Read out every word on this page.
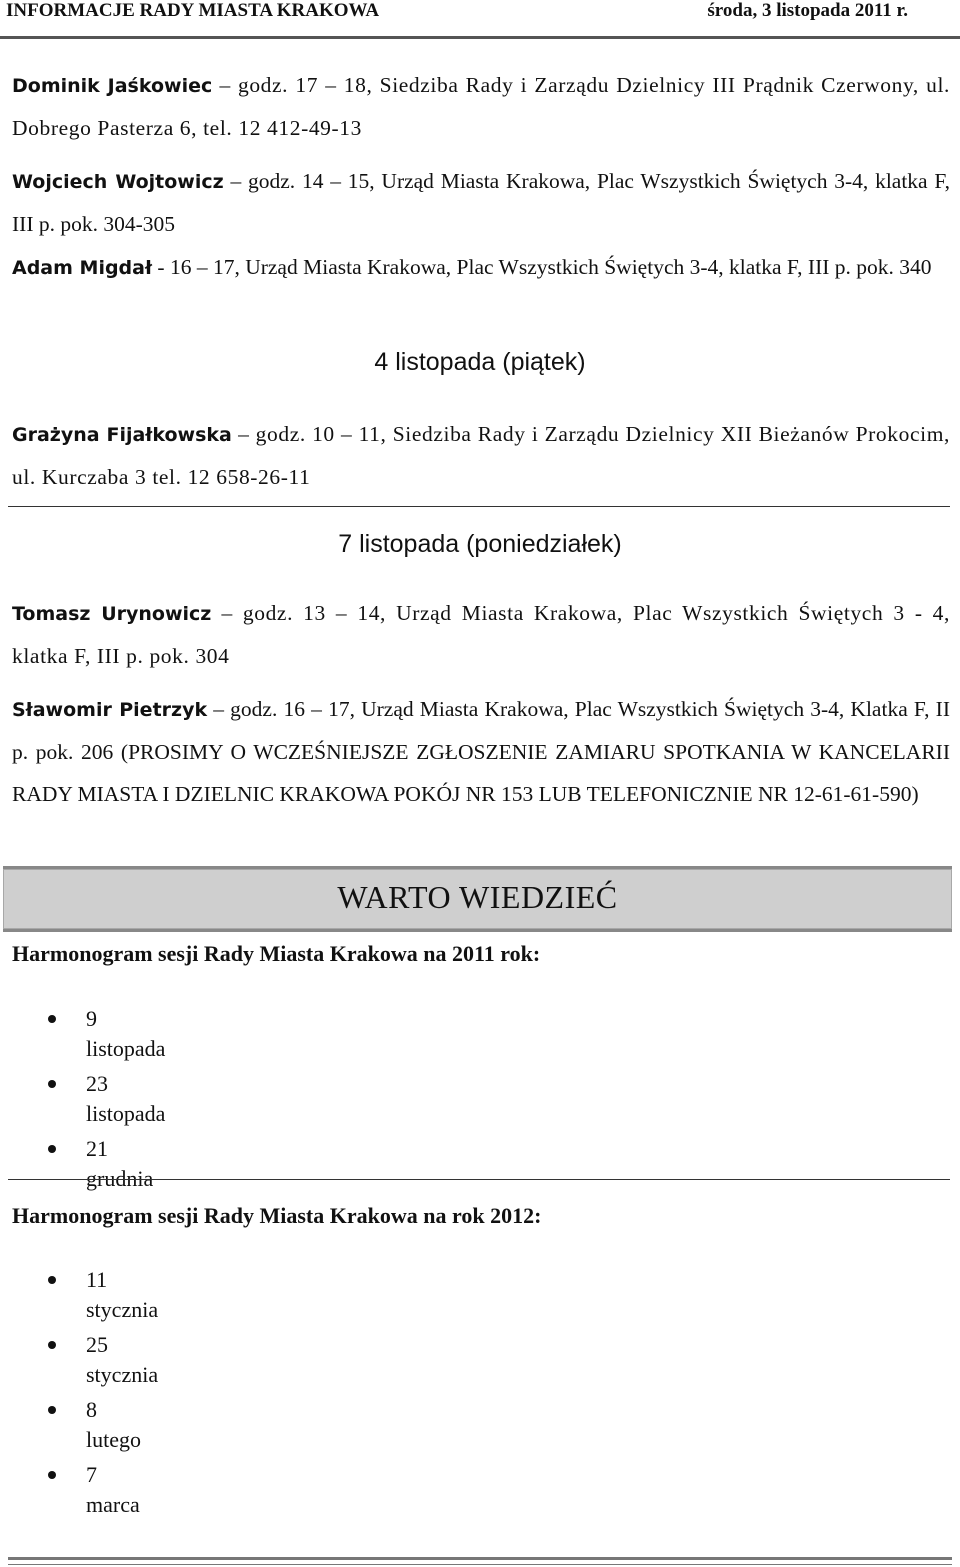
INFORMACJE RADY MIASTA KRAKOWA	środa, 3 listopada 2011 r.
Dominik Jaśkowiec – godz. 17 – 18, Siedziba Rady i Zarządu Dzielnicy III Prądnik Czerwony, ul. Dobrego Pasterza 6, tel. 12 412-49-13
Wojciech Wojtowicz – godz. 14 – 15, Urząd Miasta Krakowa, Plac Wszystkich Świętych 3-4, klatka F, III p. pok. 304-305
Adam Migdał - 16 – 17, Urząd Miasta Krakowa, Plac Wszystkich Świętych 3-4, klatka F, III p. pok. 340
4 listopada (piątek)
Grażyna Fijałkowska – godz. 10 – 11, Siedziba Rady i Zarządu Dzielnicy XII Bieżanów Prokocim, ul. Kurczaba 3 tel. 12 658-26-11
7 listopada (poniedziałek)
Tomasz Urynowicz – godz. 13 – 14, Urząd Miasta Krakowa, Plac Wszystkich Świętych 3 - 4, klatka F, III p. pok. 304
Sławomir Pietrzyk – godz. 16 – 17, Urząd Miasta Krakowa, Plac Wszystkich Świętych 3-4, Klatka F, II p. pok. 206 (PROSIMY O WCZEŚNIEJSZE ZGŁOSZENIE ZAMIARU SPOTKANIA W KANCELARII RADY MIASTA I DZIELNIC KRAKOWA POKÓJ NR 153 LUB TELEFONICZNIE NR 12-61-61-590)
WARTO WIEDZIEĆ
Harmonogram sesji Rady Miasta Krakowa na 2011 rok:
9 listopada
23 listopada
21 grudnia
Harmonogram sesji Rady Miasta Krakowa na rok 2012:
11 stycznia
25 stycznia
8 lutego
7 marca
